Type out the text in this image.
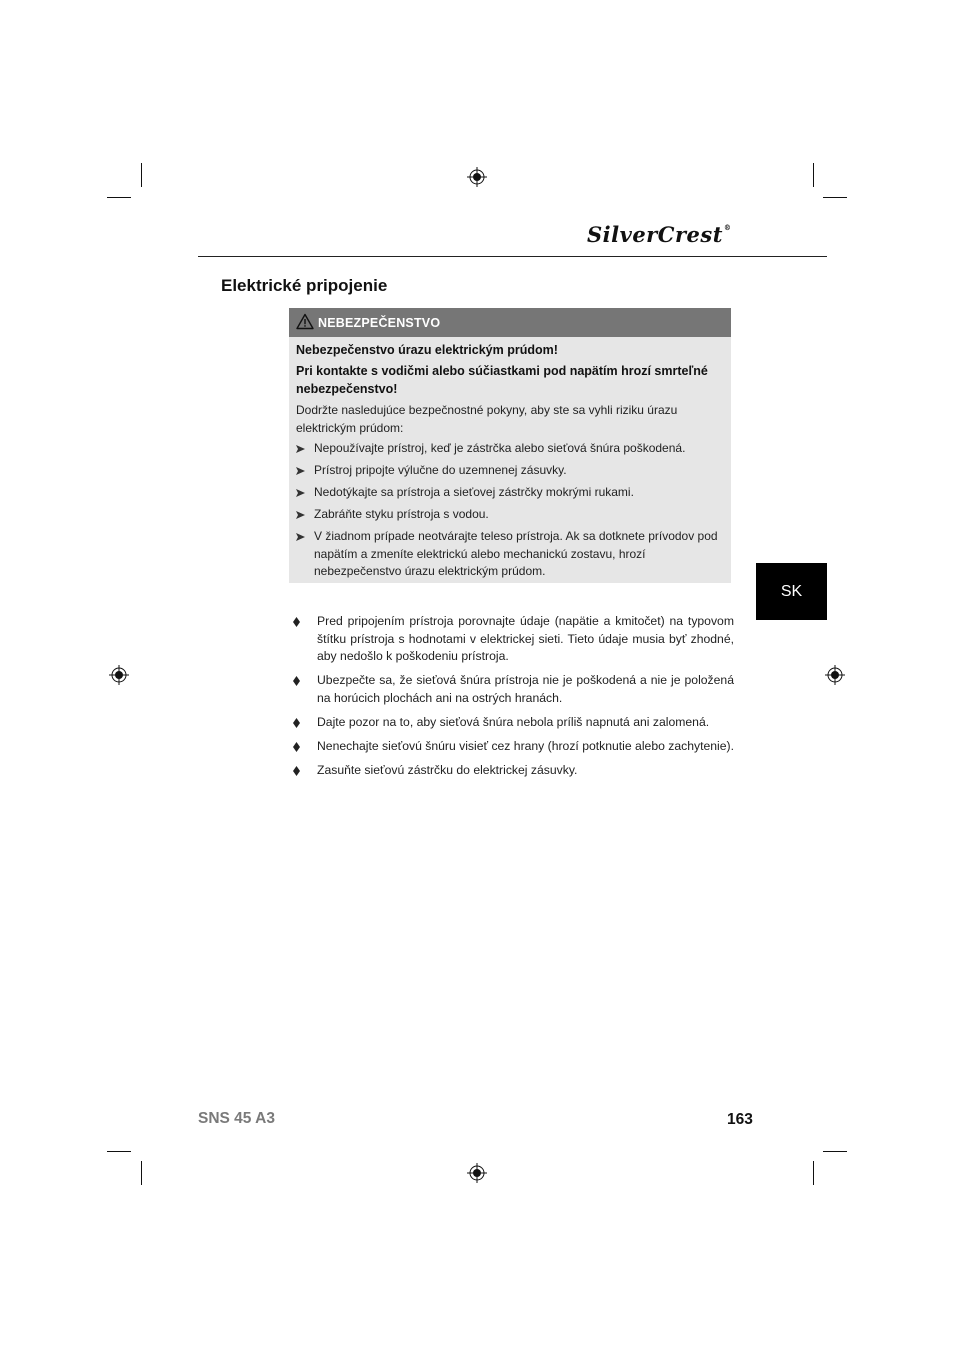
SilverCrest®
Elektrické pripojenie
SK
NEBEZPEČENSTVO

Nebezpečenstvo úrazu elektrickým prúdom!

Pri kontakte s vodičmi alebo súčiastkami pod napätím hrozí smrteľné nebezpečenstvo!

Dodržte nasledujúce bezpečnostné pokyny, aby ste sa vyhli riziku úrazu elektrickým prúdom:

Nepoužívajte prístroj, keď je zástrčka alebo sieťová šnúra poškodená.
Prístroj pripojte výlučne do uzemnenej zásuvky.
Nedotýkajte sa prístroja a sieťovej zástrčky mokrými rukami.
Zabráňte styku prístroja s vodou.
V žiadnom prípade neotvárajte teleso prístroja. Ak sa dotknete prívodov pod napätím a zmeníte elektrickú alebo mechanickú zostavu, hrozí nebezpečenstvo úrazu elektrickým prúdom.
Pred pripojením prístroja porovnajte údaje (napätie a kmitočet) na typovom štítku prístroja s hodnotami v elektrickej sieti. Tieto údaje musia byť zhodné, aby nedošlo k poškodeniu prístroja.
Ubezpečte sa, že sieťová šnúra prístroja nie je poškodená a nie je položená na horúcich plochách ani na ostrých hranách.
Dajte pozor na to, aby sieťová šnúra nebola príliš napnutá ani zalomená.
Nenechajte sieťovú šnúru visieť cez hrany (hrozí potknutie alebo zachytenie).
Zasuňte sieťovú zástrčku do elektrickej zásuvky.
SNS 45 A3	163
